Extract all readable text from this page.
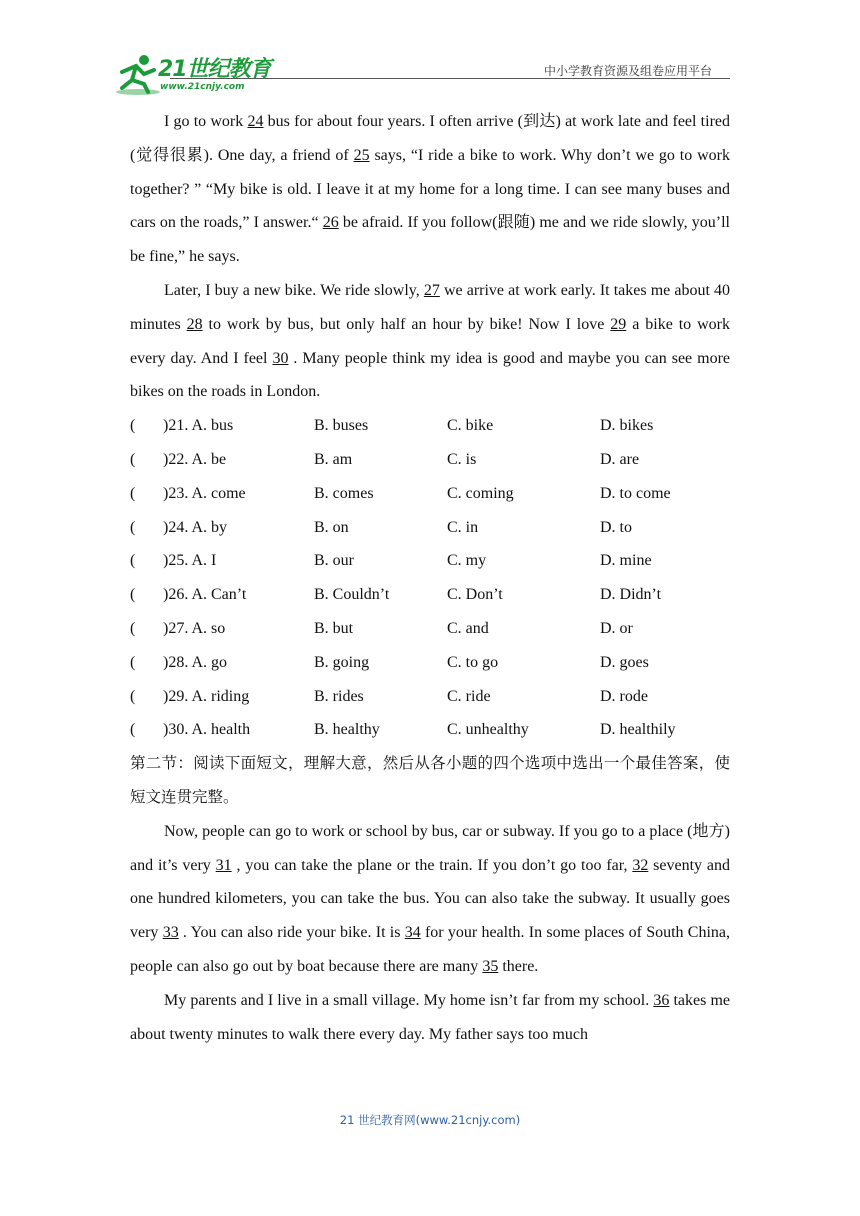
21世纪教育
www.21cnjy.com
中小学教育资源及组卷应用平台

I go to work 24 bus for about four years. I often arrive (到达) at work late and feel tired (觉得很累). One day, a friend of 25 says, “I ride a bike to work. Why don’t we go to work together? ” “My bike is old. I leave it at my home for a long time. I can see many buses and cars on the roads,” I answer.“ 26 be afraid. If you follow(跟随) me and we ride slowly, you’ll be fine,” he says.

Later, I buy a new bike. We ride slowly, 27 we arrive at work early. It takes me about 40 minutes 28 to work by bus, but only half an hour by bike! Now I love 29 a bike to work every day. And I feel 30 . Many people think my idea is good and maybe you can see more bikes on the roads in London.

(	)21. A. bus	B. buses	C. bike	D. bikes
(	)22. A. be	B. am	C. is	D. are
(	)23. A. come	B. comes	C. coming	D. to come
(	)24. A. by	B. on	C. in	D. to
(	)25. A. I	B. our	C. my	D. mine
(	)26. A. Can’t	B. Couldn’t	C. Don’t	D. Didn’t
(	)27. A. so	B. but	C. and	D. or
(	)28. A. go	B. going	C. to go	D. goes
(	)29. A. riding	B. rides	C. ride	D. rode
(	)30. A. health	B. healthy	C. unhealthy	D. healthily

第二节：阅读下面短文，理解大意，然后从各小题的四个选项中选出一个最佳答案，使短文连贯完整。

Now, people can go to work or school by bus, car or subway. If you go to a place (地方) and it’s very 31 , you can take the plane or the train. If you don’t go too far, 32 seventy and one hundred kilometers, you can take the bus. You can also take the subway. It usually goes very 33 . You can also ride your bike. It is 34 for your health. In some places of South China, people can also go out by boat because there are many 35 there.

My parents and I live in a small village. My home isn’t far from my school. 36 takes me about twenty minutes to walk there every day. My father says too much

21 世纪教育网(www.21cnjy.com)
